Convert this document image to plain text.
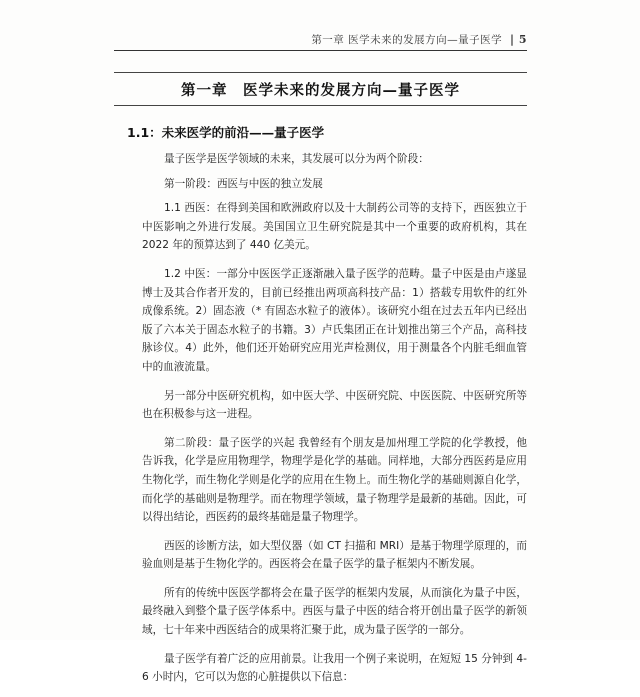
第一章 医学未来的发展方向—量子医学 | 5
第一章　医学未来的发展方向—量子医学
1.1：未来医学的前沿——量子医学

量子医学是医学领域的未来，其发展可以分为两个阶段：

第一阶段：西医与中医的独立发展

1.1 西医：在得到美国和欧洲政府以及十大制药公司等的支持下，西医独立于中医影响之外进行发展。美国国立卫生研究院是其中一个重要的政府机构，其在 2022 年的预算达到了 440 亿美元。

1.2 中医：一部分中医医学正逐渐融入量子医学的范畴。量子中医是由卢遂显博士及其合作者开发的，目前已经推出两项高科技产品：1）搭载专用软件的红外成像系统。2）固态液（* 有固态水粒子的液体）。该研究小组在过去五年内已经出版了六本关于固态水粒子的书籍。3）卢氏集团正在计划推出第三个产品，高科技脉诊仪。4）此外，他们还开始研究应用光声检测仪，用于测量各个内脏毛细血管中的血液流量。

另一部分中医研究机构，如中医大学、中医研究院、中医医院、中医研究所等也在积极参与这一进程。

第二阶段：量子医学的兴起 我曾经有个朋友是加州理工学院的化学教授，他告诉我，化学是应用物理学，物理学是化学的基础。同样地，大部分西医药是应用生物化学，而生物化学则是化学的应用在生物上。而生物化学的基础则源自化学，而化学的基础则是物理学。而在物理学领域，量子物理学是最新的基础。因此，可以得出结论，西医药的最终基础是量子物理学。

西医的诊断方法，如大型仪器（如 CT 扫描和 MRI）是基于物理学原理的，而验血则是基于生物化学的。西医将会在量子医学的量子框架内不断发展。

所有的传统中医医学都将会在量子医学的框架内发展，从而演化为量子中医，最终融入到整个量子医学体系中。西医与量子中医的结合将开创出量子医学的新领域，七十年来中西医结合的成果将汇聚于此，成为量子医学的一部分。

量子医学有着广泛的应用前景。让我用一个例子来说明，在短短 15 分钟到 4-6 小时内，它可以为您的心脏提供以下信息：
